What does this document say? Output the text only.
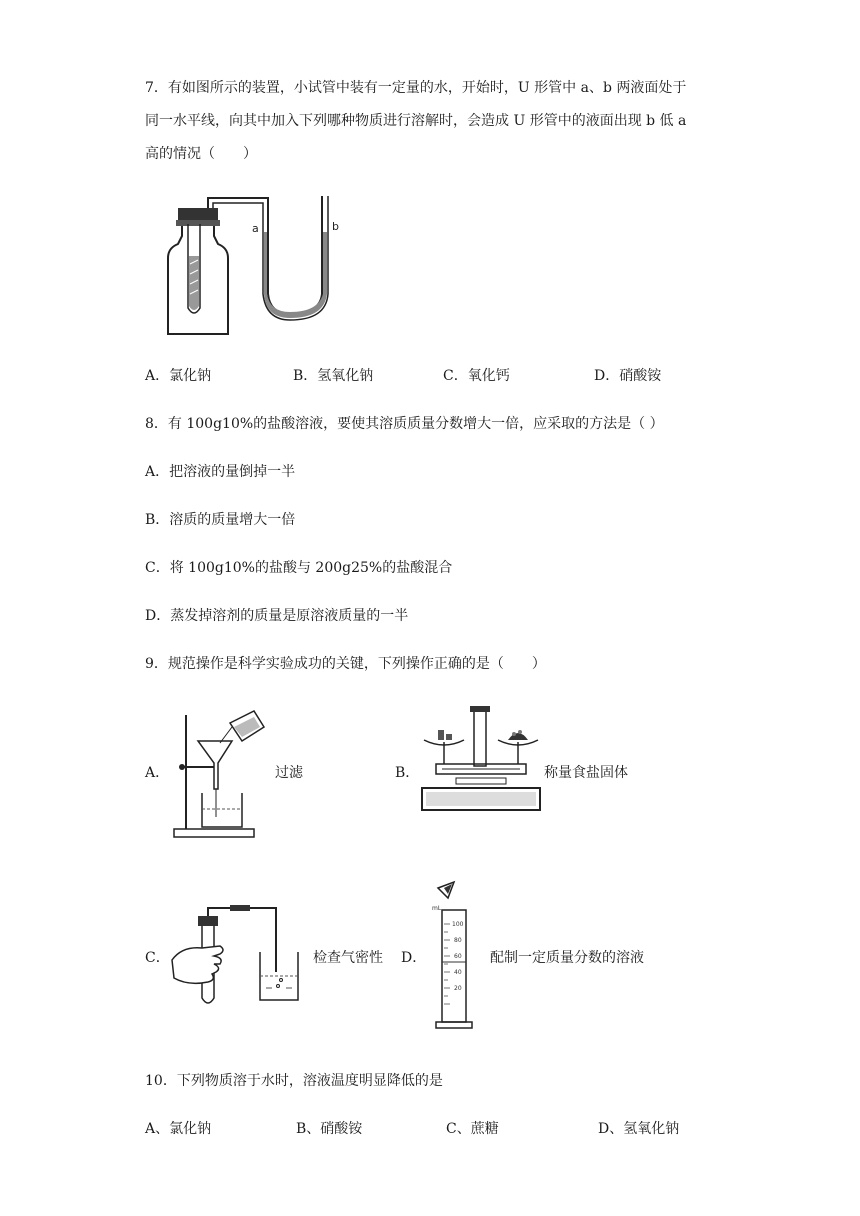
7．有如图所示的装置，小试管中装有一定量的水，开始时，U 形管中 a、b 两液面处于
同一水平线，向其中加入下列哪种物质进行溶解时，会造成 U 形管中的液面出现 b 低 a
高的情况（　　）
a	b
A．氯化钠	B．氢氧化钠	C．氧化钙	D．硝酸铵
8．有 100g10%的盐酸溶液，要使其溶质质量分数增大一倍，应采取的方法是（ ）
A．把溶液的量倒掉一半
B．溶质的质量增大一倍
C．将 100g10%的盐酸与 200g25%的盐酸混合
D．蒸发掉溶剂的质量是原溶液质量的一半
9．规范操作是科学实验成功的关键，下列操作正确的是（　　）
A．	过滤	B．	称量食盐固体
C．	检查气密性 D．
mL
100
80
60
40
20
配制一定质量分数的溶液
10．下列物质溶于水时，溶液温度明显降低的是
A、氯化钠	B、硝酸铵	C、蔗糖	D、氢氧化钠
